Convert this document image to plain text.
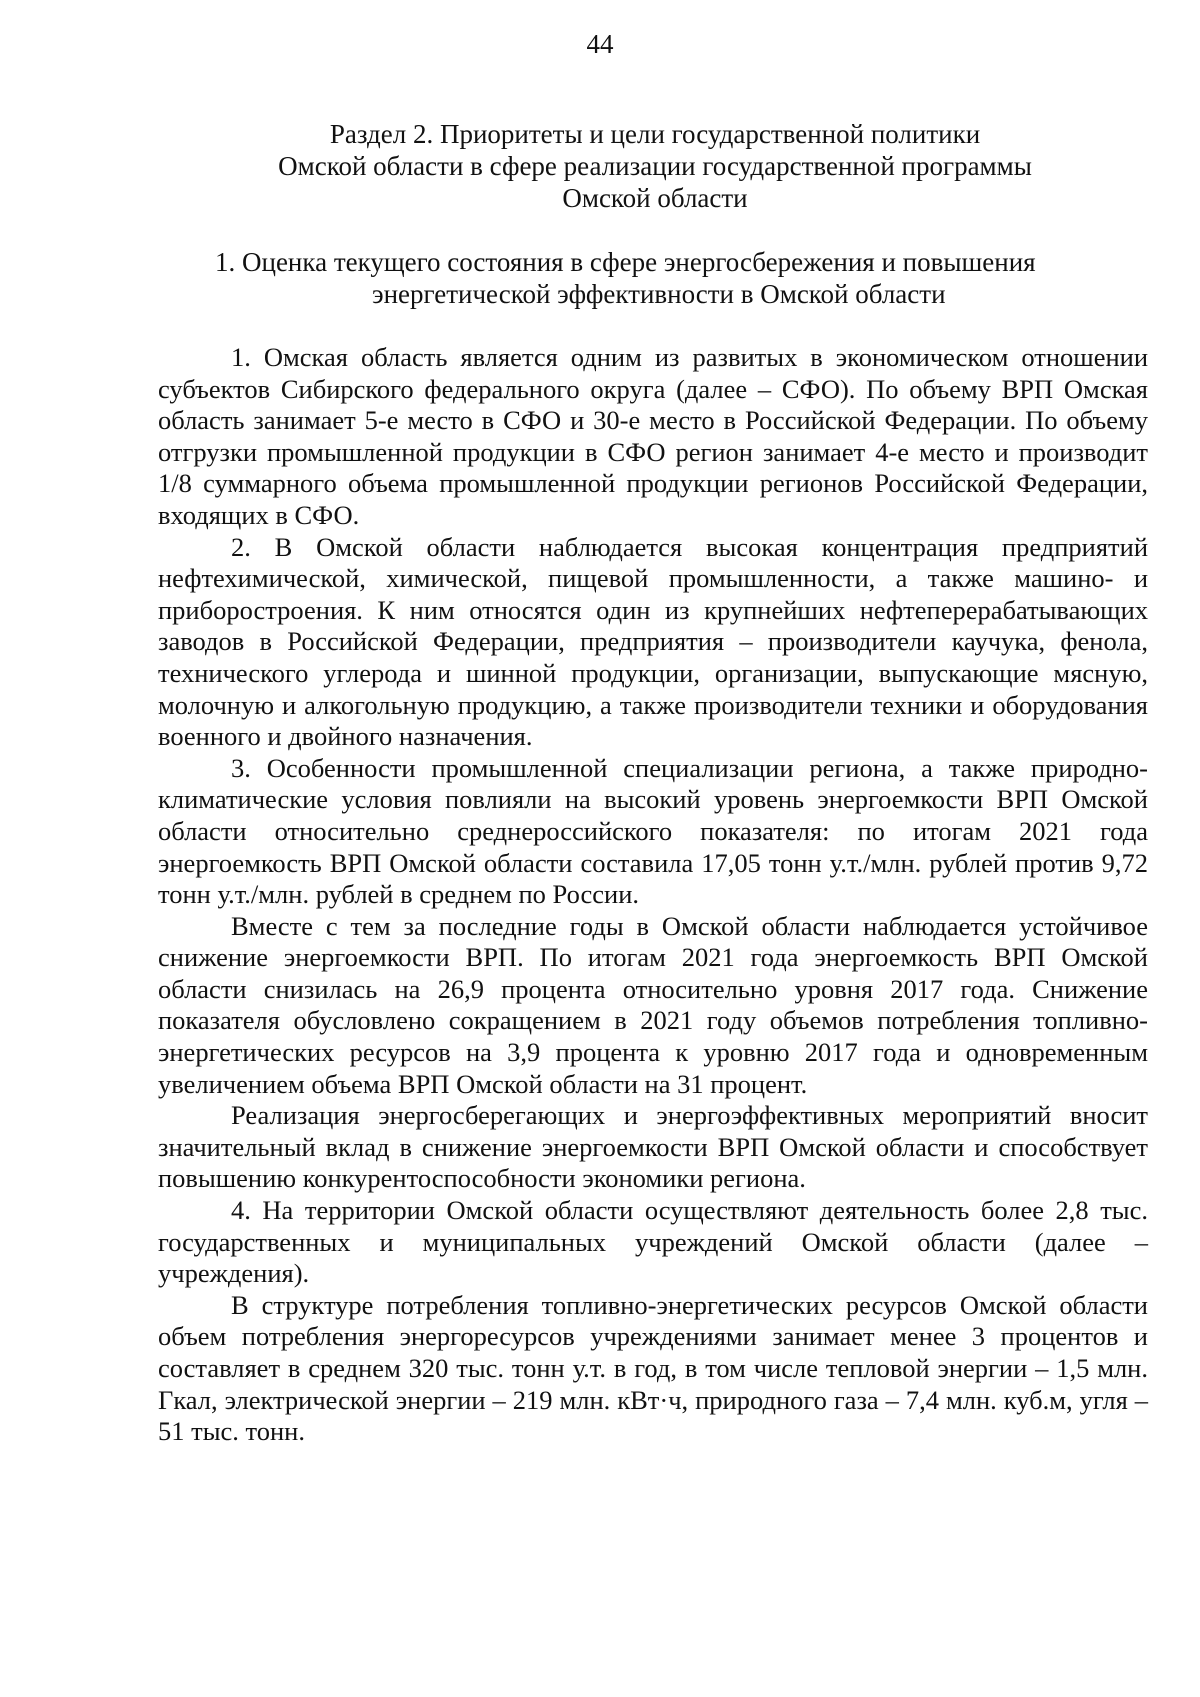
44
Раздел 2. Приоритеты и цели государственной политики
Омской области в сфере реализации государственной программы
Омской области
1. Оценка текущего состояния в сфере энергосбережения и повышения
энергетической эффективности в Омской области

1. Омская область является одним из развитых в экономическом отношении субъектов Сибирского федерального округа (далее – СФО). По объему ВРП Омская область занимает 5-е место в СФО и 30-е место в Российской Федерации. По объему отгрузки промышленной продукции в СФО регион занимает 4-е место и производит 1/8 суммарного объема промышленной продукции регионов Российской Федерации, входящих в СФО.

2. В Омской области наблюдается высокая концентрация предприятий нефтехимической, химической, пищевой промышленности, а также машино- и приборостроения. К ним относятся один из крупнейших нефтеперерабатывающих заводов в Российской Федерации, предприятия – производители каучука, фенола, технического углерода и шинной продукции, организации, выпускающие мясную, молочную и алкогольную продукцию, а также производители техники и оборудования военного и двойного назначения.

3. Особенности промышленной специализации региона, а также природно-климатические условия повлияли на высокий уровень энергоемкости ВРП Омской области относительно среднероссийского показателя: по итогам 2021 года энергоемкость ВРП Омской области составила 17,05 тонн у.т./млн. рублей против 9,72 тонн у.т./млн. рублей в среднем по России.

Вместе с тем за последние годы в Омской области наблюдается устойчивое снижение энергоемкости ВРП. По итогам 2021 года энергоемкость ВРП Омской области снизилась на 26,9 процента относительно уровня 2017 года. Снижение показателя обусловлено сокращением в 2021 году объемов потребления топливно-энергетических ресурсов на 3,9 процента к уровню 2017 года и одновременным увеличением объема ВРП Омской области на 31 процент.

Реализация энергосберегающих и энергоэффективных мероприятий вносит значительный вклад в снижение энергоемкости ВРП Омской области и способствует повышению конкурентоспособности экономики региона.

4. На территории Омской области осуществляют деятельность более 2,8 тыс. государственных и муниципальных учреждений Омской области (далее – учреждения).

В структуре потребления топливно-энергетических ресурсов Омской области объем потребления энергоресурсов учреждениями занимает менее 3 процентов и составляет в среднем 320 тыс. тонн у.т. в год, в том числе тепловой энергии – 1,5 млн. Гкал, электрической энергии – 219 млн. кВт·ч, природного газа – 7,4 млн. куб.м, угля – 51 тыс. тонн.
